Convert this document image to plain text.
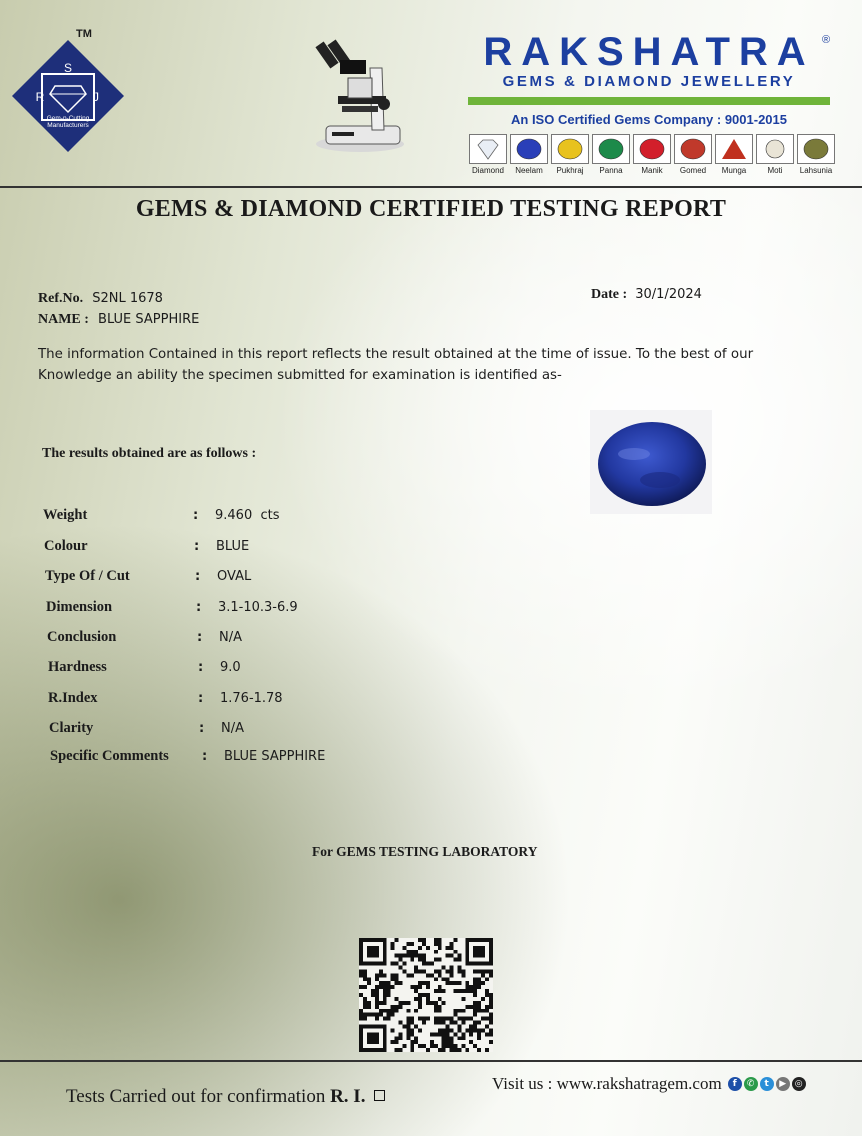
TM
S
R	J
Gem-n-Cutting
Manufacturers
RAKSHATRA ®
GEMS & DIAMOND JEWELLERY
An ISO Certified Gems Company : 9001-2015
Diamond	Neelam	Pukhraj	Panna	Manik	Gomed	Munga	Moti	Lahsunia
GEMS & DIAMOND CERTIFIED TESTING REPORT
Ref.No. S2NL 1678
NAME : BLUE SAPPHIRE
Date : 30/1/2024
The information Contained in this report reflects the result obtained at the time of issue. To the best of our Knowledge an ability the specimen submitted for examination is identified as-
The results obtained are as follows :
Weight	:	9.460  cts
Colour	:	BLUE
Type Of / Cut	:	OVAL
Dimension	:	3.1-10.3-6.9
Conclusion	:	N/A
Hardness	:	9.0
R.Index	:	1.76-1.78
Clarity	:	N/A
Specific Comments	:	BLUE SAPPHIRE
For GEMS TESTING LABORATORY
Tests Carried out for confirmation R. I.
Visit us : www.rakshatragem.com	f	✆	t	▶ ◎
